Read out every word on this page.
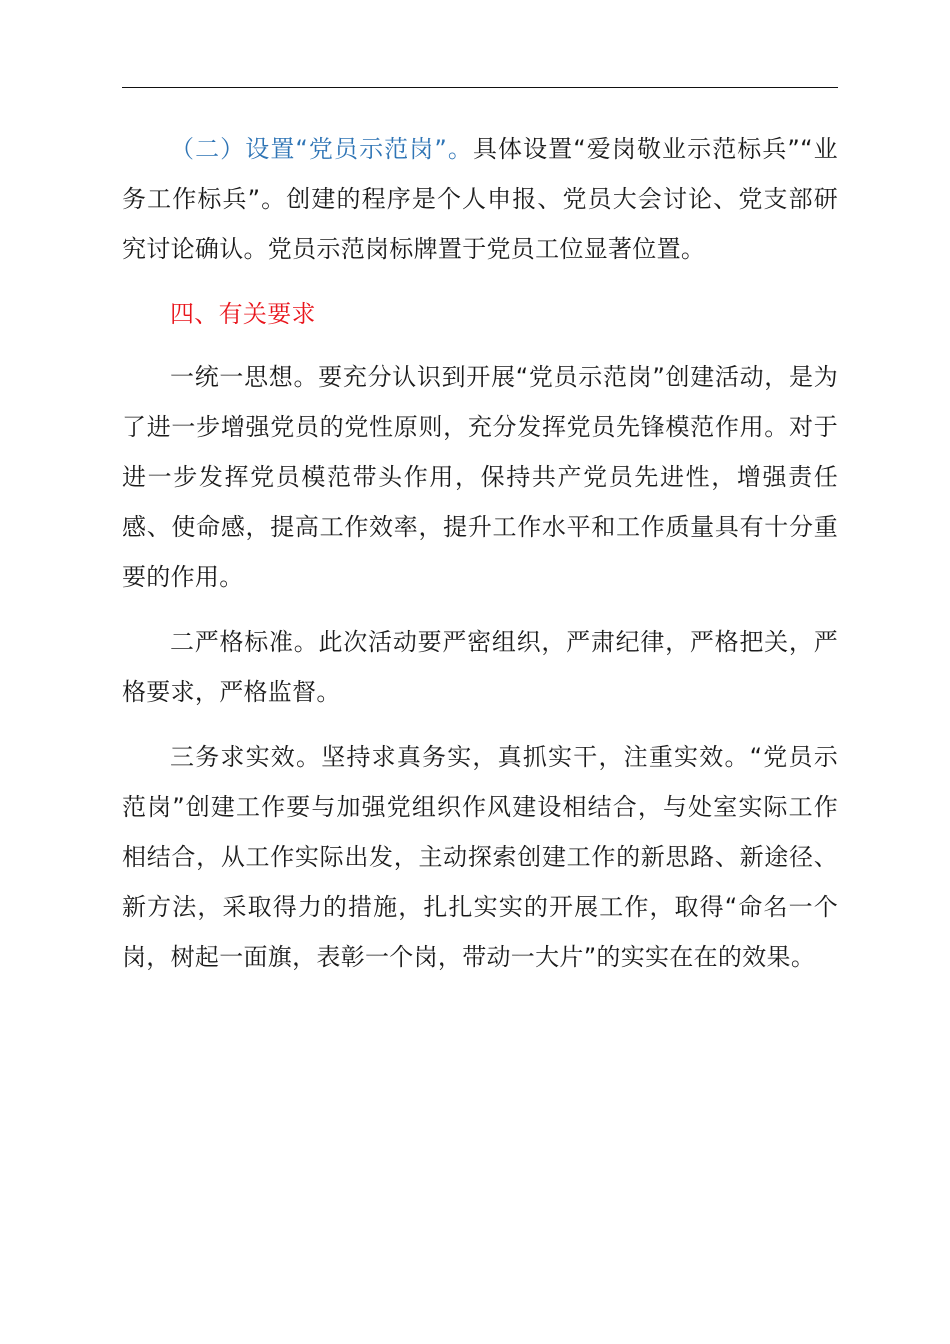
（二）设置“党员示范岗”。具体设置“爱岗敬业示范标兵”“业务工作标兵”。创建的程序是个人申报、党员大会讨论、党支部研究讨论确认。党员示范岗标牌置于党员工位显著位置。

四、有关要求

一统一思想。要充分认识到开展“党员示范岗”创建活动，是为了进一步增强党员的党性原则，充分发挥党员先锋模范作用。对于进一步发挥党员模范带头作用，保持共产党员先进性，增强责任感、使命感，提高工作效率，提升工作水平和工作质量具有十分重要的作用。

二严格标准。此次活动要严密组织，严肃纪律，严格把关，严格要求，严格监督。

三务求实效。坚持求真务实，真抓实干，注重实效。“党员示范岗”创建工作要与加强党组织作风建设相结合，与处室实际工作相结合，从工作实际出发，主动探索创建工作的新思路、新途径、新方法，采取得力的措施，扎扎实实的开展工作，取得“命名一个岗，树起一面旗，表彰一个岗，带动一大片”的实实在在的效果。
